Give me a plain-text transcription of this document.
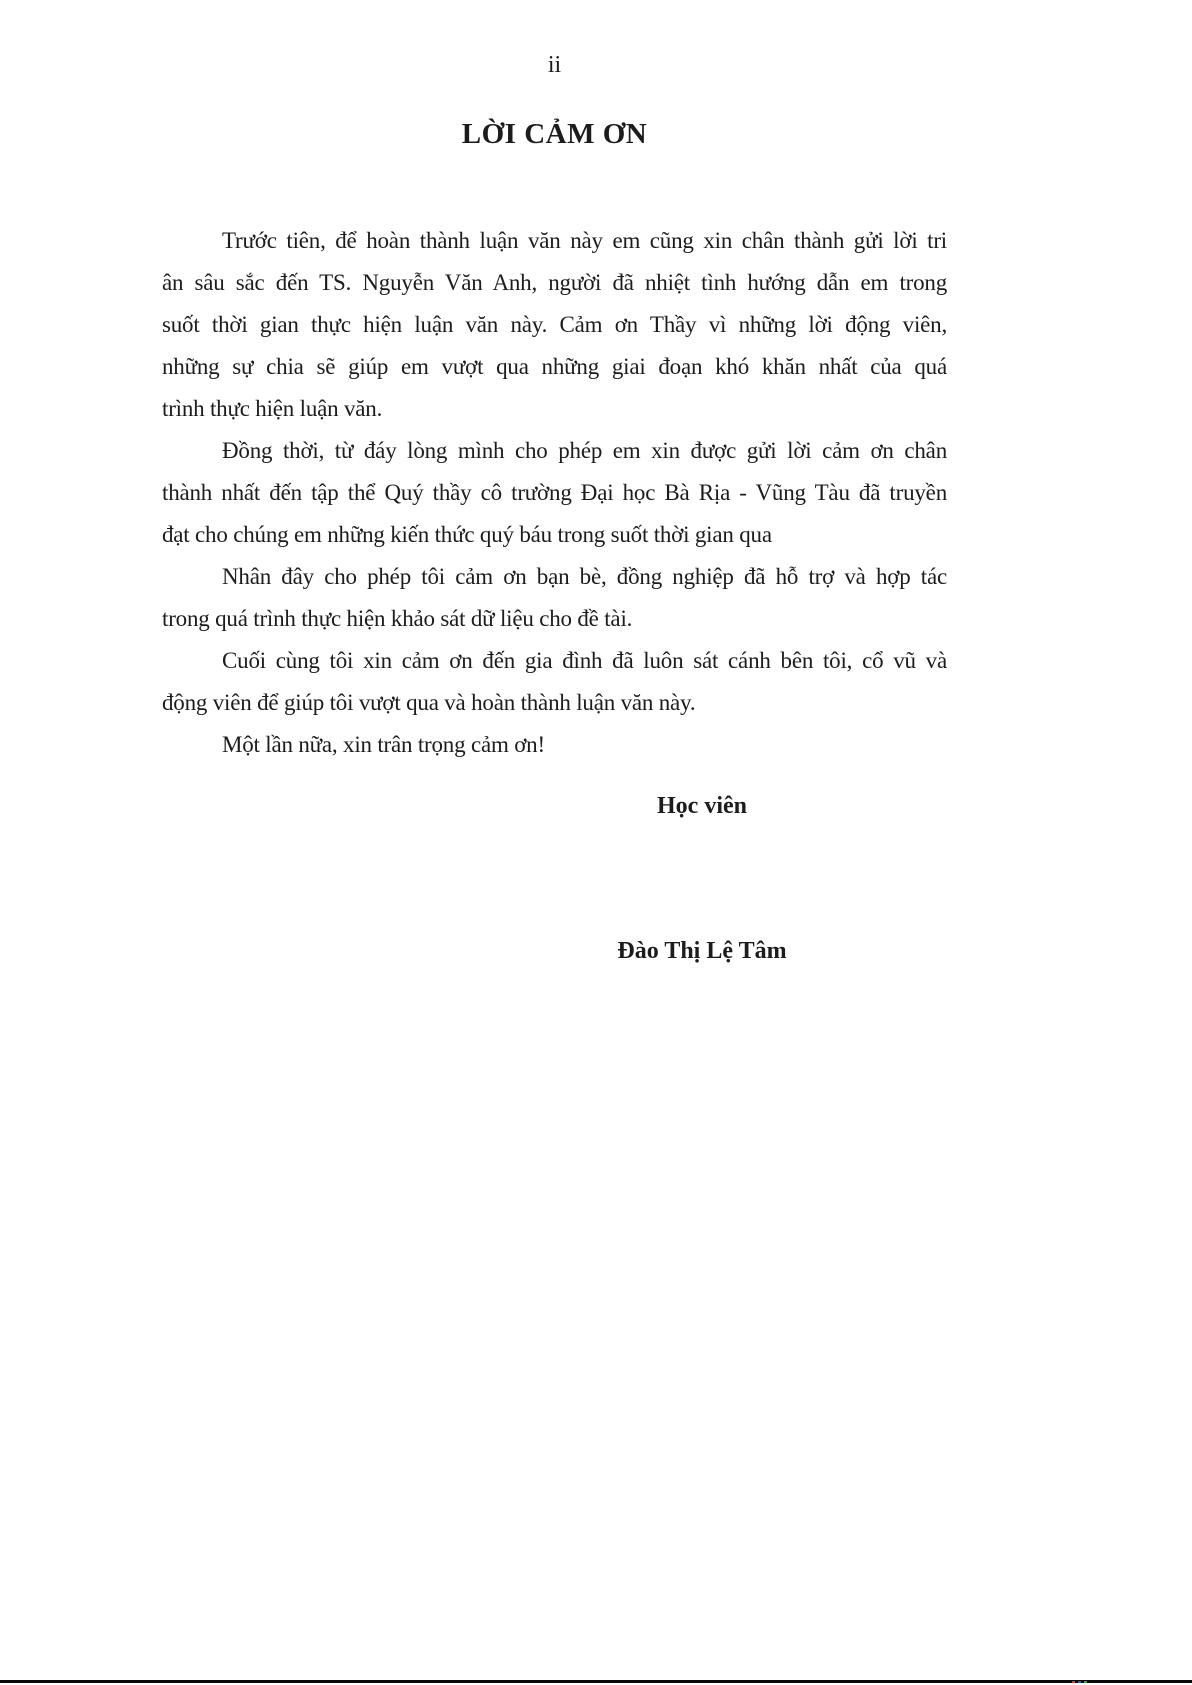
ii
LỜI CẢM ƠN
Trước tiên, để hoàn thành luận văn này em cũng xin chân thành gửi lời tri
ân sâu sắc đến TS. Nguyễn Văn Anh, người đã nhiệt tình hướng dẫn em trong
suốt thời gian thực hiện luận văn này. Cảm ơn Thầy vì những lời động viên,
những sự chia sẽ giúp em vượt qua những giai đoạn khó khăn nhất của quá
trình thực hiện luận văn.
Đồng thời, từ đáy lòng mình cho phép em xin được gửi lời cảm ơn chân
thành nhất đến tập thể Quý thầy cô trường Đại học Bà Rịa - Vũng Tàu đã truyền
đạt cho chúng em những kiến thức quý báu trong suốt thời gian qua
Nhân đây cho phép tôi cảm ơn bạn bè, đồng nghiệp đã hỗ trợ và hợp tác
trong quá trình thực hiện khảo sát dữ liệu cho đề tài.
Cuối cùng tôi xin cảm ơn đến gia đình đã luôn sát cánh bên tôi, cổ vũ và
động viên để giúp tôi vượt qua và hoàn thành luận văn này.
Một lần nữa, xin trân trọng cảm ơn!
Học viên
Đào Thị Lệ Tâm
